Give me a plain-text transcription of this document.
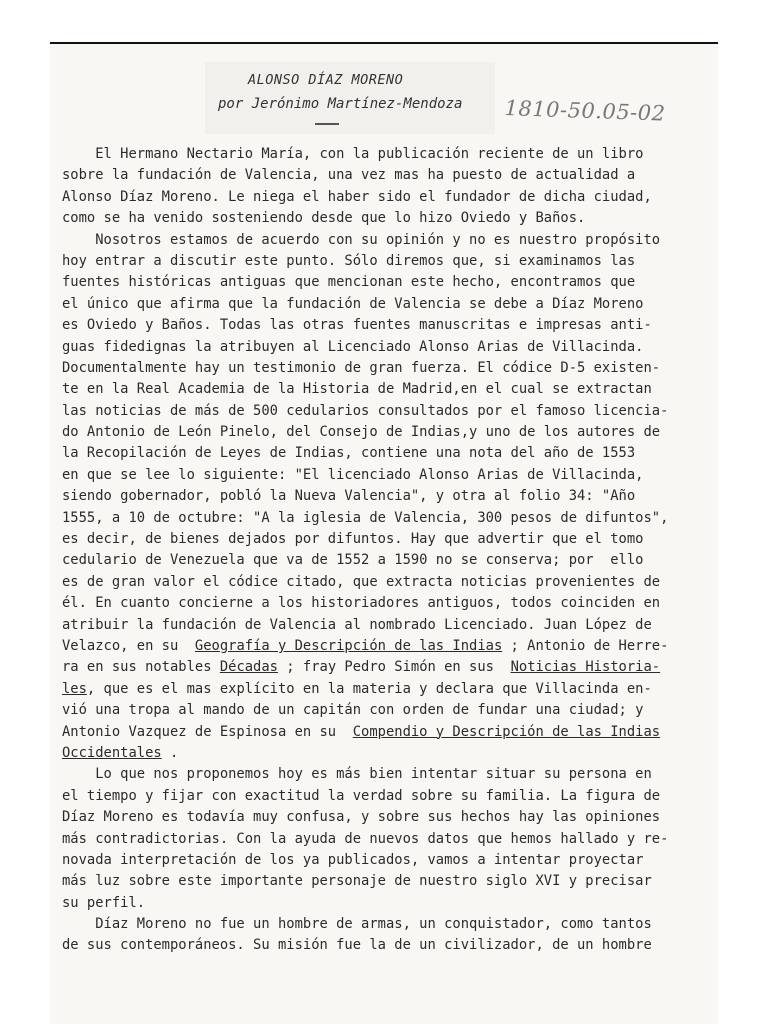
ALONSO DÍAZ MORENO
por Jerónimo Martínez-Mendoza 1810-50.05-02
El Hermano Nectario María, con la publicación reciente de un libro
sobre la fundación de Valencia, una vez mas ha puesto de actualidad a
Alonso Díaz Moreno. Le niega el haber sido el fundador de dicha ciudad,
como se ha venido sosteniendo desde que lo hizo Oviedo y Baños.
Nosotros estamos de acuerdo con su opinión y no es nuestro propósito
hoy entrar a discutir este punto. Sólo diremos que, si examinamos las
fuentes históricas antiguas que mencionan este hecho, encontramos que
el único que afirma que la fundación de Valencia se debe a Díaz Moreno
es Oviedo y Baños. Todas las otras fuentes manuscritas e impresas anti-
guas fidedignas la atribuyen al Licenciado Alonso Arias de Villacinda.
Documentalmente hay un testimonio de gran fuerza. El códice D-5 existen-
te en la Real Academia de la Historia de Madrid,en el cual se extractan
las noticias de más de 500 cedularios consultados por el famoso licencia-
do Antonio de León Pinelo, del Consejo de Indias,y uno de los autores de
la Recopilación de Leyes de Indias, contiene una nota del año de 1553
en que se lee lo siguiente: "El licenciado Alonso Arias de Villacinda,
siendo gobernador, pobló la Nueva Valencia", y otra al folio 34: "Año
1555, a 10 de octubre: "A la iglesia de Valencia, 300 pesos de difuntos",
es decir, de bienes dejados por difuntos. Hay que advertir que el tomo
cedulario de Venezuela que va de 1552 a 1590 no se conserva; por  ello
es de gran valor el códice citado, que extracta noticias provenientes de
él. En cuanto concierne a los historiadores antiguos, todos coinciden en
atribuir la fundación de Valencia al nombrado Licenciado. Juan López de
Velazco, en su  Geografía y Descripción de las Indias ; Antonio de Herre-
ra en sus notables Décadas ; fray Pedro Simón en sus  Noticias Historia-
les, que es el mas explícito en la materia y declara que Villacinda en-
vió una tropa al mando de un capitán con orden de fundar una ciudad; y
Antonio Vazquez de Espinosa en su  Compendio y Descripción de las Indias
Occidentales .
Lo que nos proponemos hoy es más bien intentar situar su persona en
el tiempo y fijar con exactitud la verdad sobre su familia. La figura de
Díaz Moreno es todavía muy confusa, y sobre sus hechos hay las opiniones
más contradictorias. Con la ayuda de nuevos datos que hemos hallado y re-
novada interpretación de los ya publicados, vamos a intentar proyectar
más luz sobre este importante personaje de nuestro siglo XVI y precisar
su perfil.
Díaz Moreno no fue un hombre de armas, un conquistador, como tantos
de sus contemporáneos. Su misión fue la de un civilizador, de un hombre
